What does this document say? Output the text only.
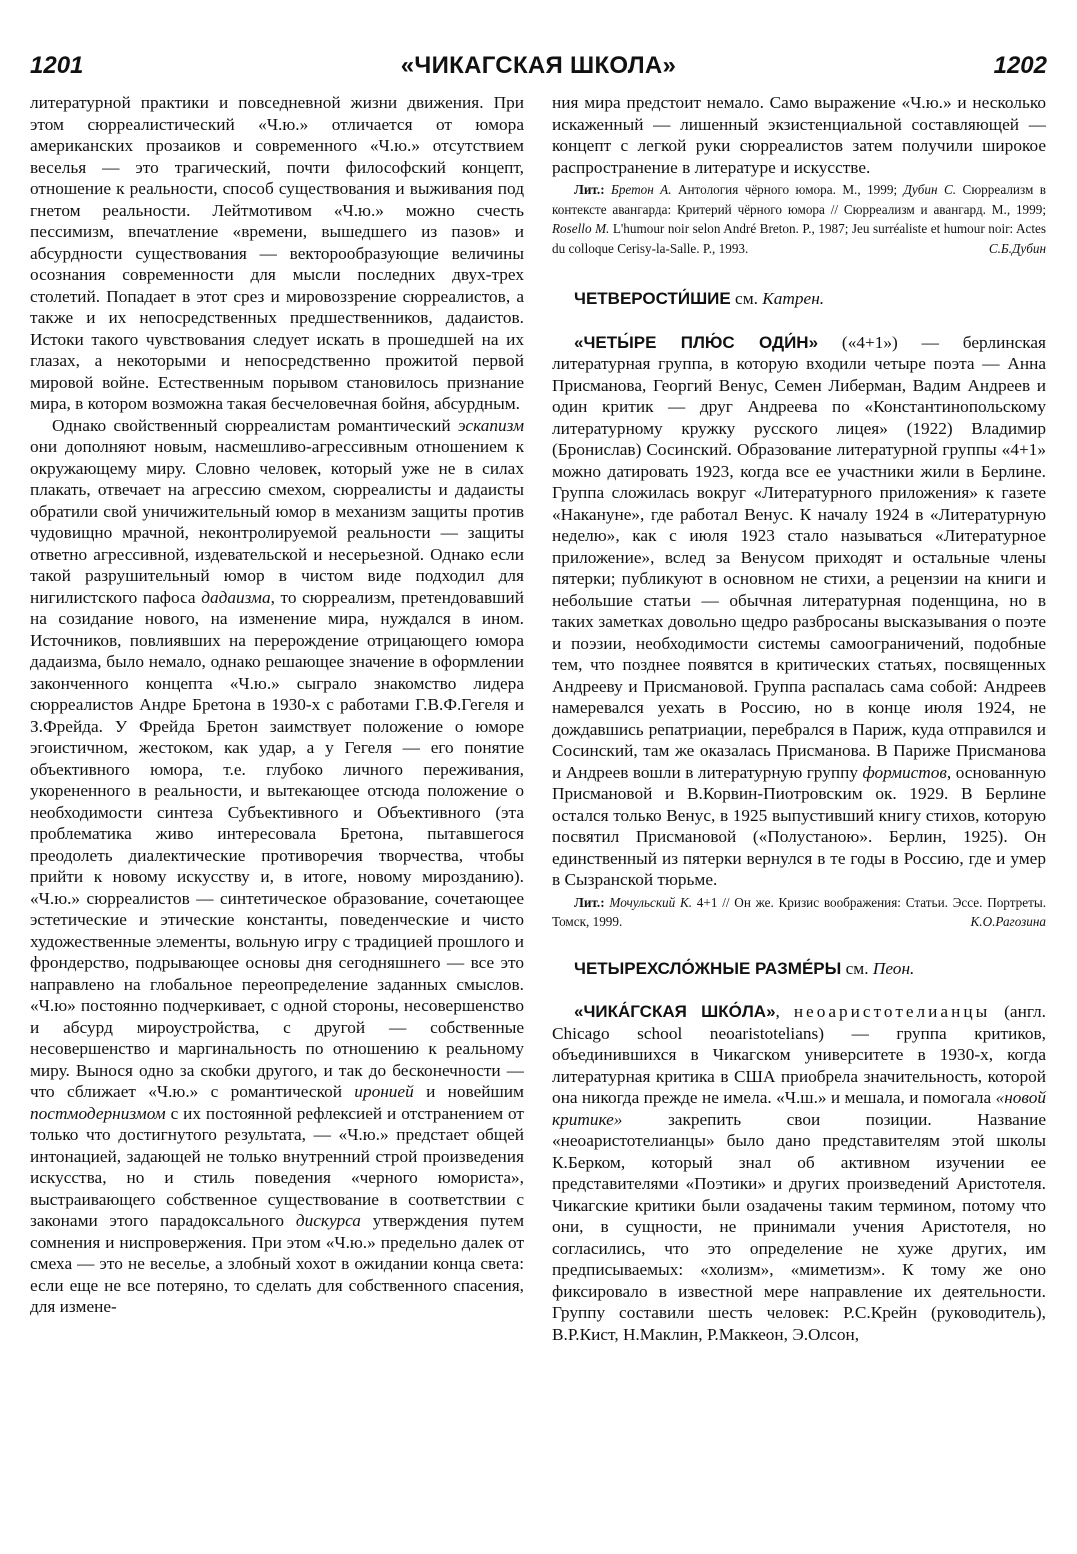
1201	«ЧИКАГСКАЯ ШКОЛА»	1202

литературной практики и повседневной жизни движения. При этом сюрреалистический «Ч.ю.» отличается от юмора американских прозаиков и современного «Ч.ю.» отсутствием веселья — это трагический, почти философский концепт, отношение к реальности, способ существования и выживания под гнетом реальности. Лейтмотивом «Ч.ю.» можно счесть пессимизм, впечатление «времени, вышедшего из пазов» и абсурдности существования — векторообразующие величины осознания современности для мысли последних двух-трех столетий. Попадает в этот срез и мировоззрение сюрреалистов, а также и их непосредственных предшественников, дадаистов. Истоки такого чувствования следует искать в прошедшей на их глазах, а некоторыми и непосредственно прожитой первой мировой войне. Естественным порывом становилось признание мира, в котором возможна такая бесчеловечная бойня, абсурдным.

Однако свойственный сюрреалистам романтический эскапизм они дополняют новым, насмешливо-агрессивным отношением к окружающему миру. Словно человек, который уже не в силах плакать, отвечает на агрессию смехом, сюрреалисты и дадаисты обратили свой уничижительный юмор в механизм защиты против чудовищно мрачной, неконтролируемой реальности — защиты ответно агрессивной, издевательской и несерьезной. Однако если такой разрушительный юмор в чистом виде подходил для нигилистского пафоса дадаизма, то сюрреализм, претендовавший на созидание нового, на изменение мира, нуждался в ином. Источников, повлиявших на перерождение отрицающего юмора дадаизма, было немало, однако решающее значение в оформлении законченного концепта «Ч.ю.» сыграло знакомство лидера сюрреалистов Андре Бретона в 1930-х с работами Г.В.Ф.Гегеля и З.Фрейда. У Фрейда Бретон заимствует положение о юморе эгоистичном, жестоком, как удар, а у Гегеля — его понятие объективного юмора, т.е. глубоко личного переживания, укорененного в реальности, и вытекающее отсюда положение о необходимости синтеза Субъективного и Объективного (эта проблематика живо интересовала Бретона, пытавшегося преодолеть диалектические противоречия творчества, чтобы прийти к новому искусству и, в итоге, новому мирозданию). «Ч.ю.» сюрреалистов — синтетическое образование, сочетающее эстетические и этические константы, поведенческие и чисто художественные элементы, вольную игру с традицией прошлого и фрондерство, подрывающее основы дня сегодняшнего — все это направлено на глобальное переопределение заданных смыслов. «Ч.ю» постоянно подчеркивает, с одной стороны, несовершенство и абсурд мироустройства, с другой — собственные несовершенство и маргинальность по отношению к реальному миру. Вынося одно за скобки другого, и так до бесконечности — что сближает «Ч.ю.» с романтической иронией и новейшим постмодернизмом с их постоянной рефлексией и отстранением от только что достигнутого результата, — «Ч.ю.» предстает общей интонацией, задающей не только внутренний строй произведения искусства, но и стиль поведения «черного юмориста», выстраивающего собственное существование в соответствии с законами этого парадоксального дискурса утверждения путем сомнения и ниспровержения. При этом «Ч.ю.» предельно далек от смеха — это не веселье, а злобный хохот в ожидании конца света: если еще не все потеряно, то сделать для собственного спасения, для измене-

ния мира предстоит немало. Само выражение «Ч.ю.» и несколько искаженный — лишенный экзистенциальной составляющей — концепт с легкой руки сюрреалистов затем получили широкое распространение в литературе и искусстве.

Лит.: Бретон А. Антология чёрного юмора. М., 1999; Дубин С. Сюрреализм в контексте авангарда: Критерий чёрного юмора // Сюрреализм и авангард. М., 1999; Rosello M. L'humour noir selon André Breton. P., 1987; Jeu surréaliste et humour noir: Actes du colloque Cerisy-la-Salle. P., 1993.	С.Б.Дубин

ЧЕТВЕРОСТИ́ШИЕ см. Катрен.

«ЧЕТЫ́РЕ ПЛЮ́С ОДИ́Н» («4+1») — берлинская литературная группа, в которую входили четыре поэта — Анна Присманова, Георгий Венус, Семен Либерман, Вадим Андреев и один критик — друг Андреева по «Константинопольскому литературному кружку русского лицея» (1922) Владимир (Бронислав) Сосинский. Образование литературной группы «4+1» можно датировать 1923, когда все ее участники жили в Берлине. Группа сложилась вокруг «Литературного приложения» к газете «Накануне», где работал Венус. К началу 1924 в «Литературную неделю», как с июля 1923 стало называться «Литературное приложение», вслед за Венусом приходят и остальные члены пятерки; публикуют в основном не стихи, а рецензии на книги и небольшие статьи — обычная литературная поденщина, но в таких заметках довольно щедро разбросаны высказывания о поэте и поэзии, необходимости системы самоограничений, подобные тем, что позднее появятся в критических статьях, посвященных Андрееву и Присмановой. Группа распалась сама собой: Андреев намеревался уехать в Россию, но в конце июля 1924, не дождавшись репатриации, перебрался в Париж, куда отправился и Сосинский, там же оказалась Присманова. В Париже Присманова и Андреев вошли в литературную группу формистов, основанную Присмановой и В.Корвин-Пиотровским ок. 1929. В Берлине остался только Венус, в 1925 выпустивший книгу стихов, которую посвятил Присмановой («Полустаною». Берлин, 1925). Он единственный из пятерки вернулся в те годы в Россию, где и умер в Сызранской тюрьме.

Лит.: Мочульский К. 4+1 // Он же. Кризис воображения: Статьи. Эссе. Портреты. Томск, 1999.	К.О.Рагозина

ЧЕТЫРЕХСЛО́ЖНЫЕ РАЗМЕ́РЫ см. Пеон.

«ЧИКА́ГСКАЯ ШКО́ЛА», неоаристотелианцы (англ. Chicago school neoaristotelians) — группа критиков, объединившихся в Чикагском университете в 1930-х, когда литературная критика в США приобрела значительность, которой она никогда прежде не имела. «Ч.ш.» и мешала, и помогала «новой критике» закрепить свои позиции. Название «неоаристотелианцы» было дано представителям этой школы К.Берком, который знал об активном изучении ее представителями «Поэтики» и других произведений Аристотеля. Чикагские критики были озадачены таким термином, потому что они, в сущности, не принимали учения Аристотеля, но согласились, что это определение не хуже других, им предписываемых: «холизм», «миметизм». К тому же оно фиксировало в известной мере направление их деятельности. Группу составили шесть человек: Р.С.Крейн (руководитель), В.Р.Кист, Н.Маклин, Р.Маккеон, Э.Олсон,
